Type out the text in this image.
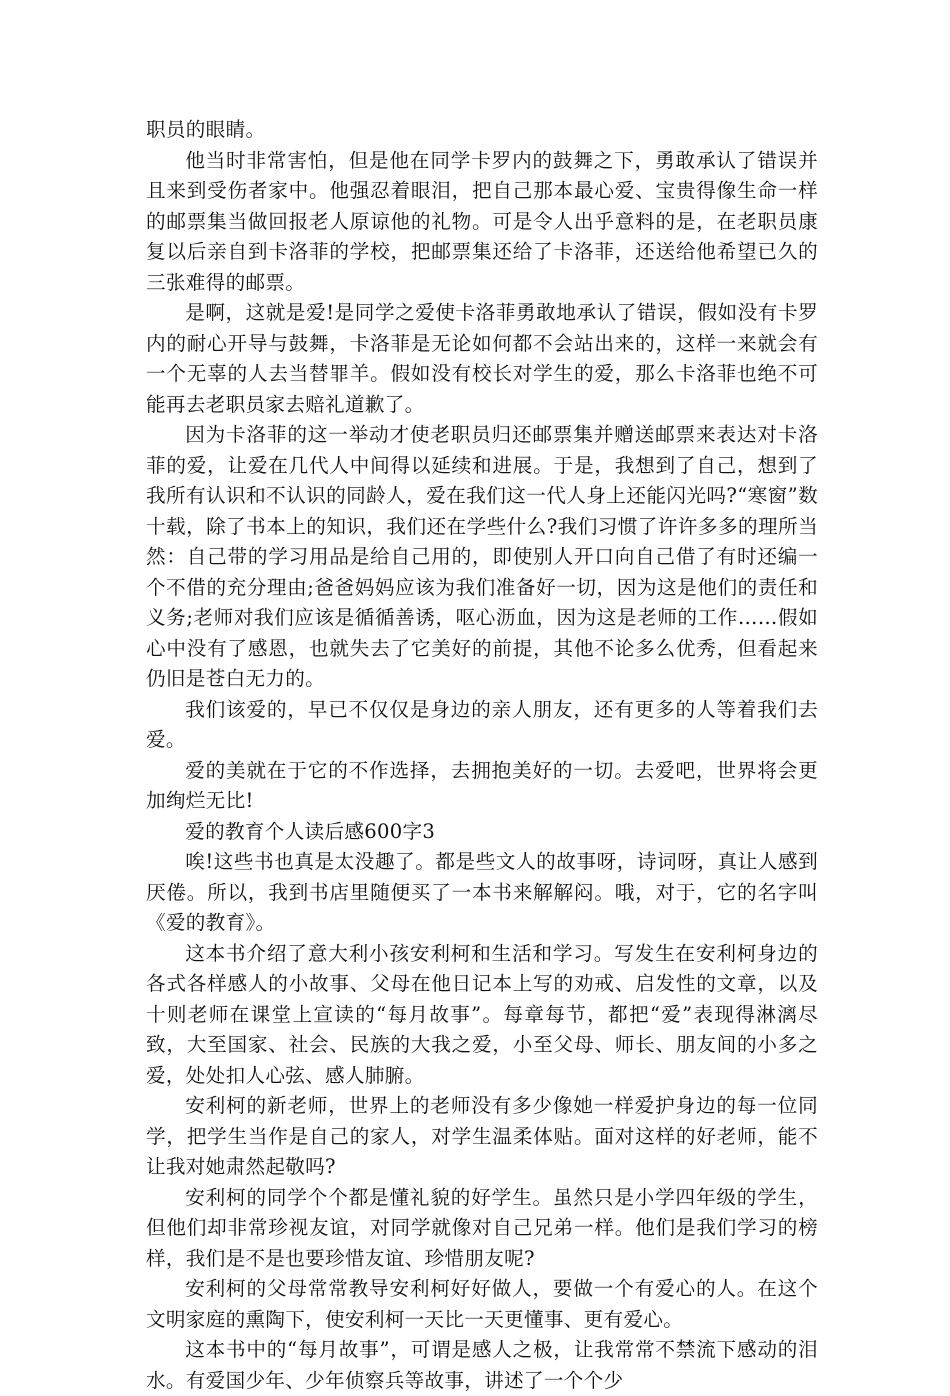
职员的眼睛。

他当时非常害怕，但是他在同学卡罗内的鼓舞之下，勇敢承认了错误并且来到受伤者家中。他强忍着眼泪，把自己那本最心爱、宝贵得像生命一样的邮票集当做回报老人原谅他的礼物。可是令人出乎意料的是，在老职员康复以后亲自到卡洛菲的学校，把邮票集还给了卡洛菲，还送给他希望已久的三张难得的邮票。

是啊，这就是爱!是同学之爱使卡洛菲勇敢地承认了错误，假如没有卡罗内的耐心开导与鼓舞，卡洛菲是无论如何都不会站出来的，这样一来就会有一个无辜的人去当替罪羊。假如没有校长对学生的爱，那么卡洛菲也绝不可能再去老职员家去赔礼道歉了。

因为卡洛菲的这一举动才使老职员归还邮票集并赠送邮票来表达对卡洛菲的爱，让爱在几代人中间得以延续和进展。于是，我想到了自己，想到了我所有认识和不认识的同龄人，爱在我们这一代人身上还能闪光吗?“寒窗”数十载，除了书本上的知识，我们还在学些什么?我们习惯了许许多多的理所当然：自己带的学习用品是给自己用的，即使别人开口向自己借了有时还编一个不借的充分理由;爸爸妈妈应该为我们准备好一切，因为这是他们的责任和义务;老师对我们应该是循循善诱，呕心沥血，因为这是老师的工作……假如心中没有了感恩，也就失去了它美好的前提，其他不论多么优秀，但看起来仍旧是苍白无力的。

我们该爱的，早已不仅仅是身边的亲人朋友，还有更多的人等着我们去爱。

爱的美就在于它的不作选择，去拥抱美好的一切。去爱吧，世界将会更加绚烂无比!

爱的教育个人读后感600字3

唉!这些书也真是太没趣了。都是些文人的故事呀，诗词呀，真让人感到厌倦。所以，我到书店里随便买了一本书来解解闷。哦，对于，它的名字叫《爱的教育》。

这本书介绍了意大利小孩安利柯和生活和学习。写发生在安利柯身边的各式各样感人的小故事、父母在他日记本上写的劝戒、启发性的文章，以及十则老师在课堂上宣读的“每月故事”。每章每节，都把“爱”表现得淋漓尽致，大至国家、社会、民族的大我之爱，小至父母、师长、朋友间的小多之爱，处处扣人心弦、感人肺腑。

安利柯的新老师，世界上的老师没有多少像她一样爱护身边的每一位同学，把学生当作是自己的家人，对学生温柔体贴。面对这样的好老师，能不让我对她肃然起敬吗?

安利柯的同学个个都是懂礼貌的好学生。虽然只是小学四年级的学生，但他们却非常珍视友谊，对同学就像对自己兄弟一样。他们是我们学习的榜样，我们是不是也要珍惜友谊、珍惜朋友呢?

安利柯的父母常常教导安利柯好好做人，要做一个有爱心的人。在这个文明家庭的熏陶下，使安利柯一天比一天更懂事、更有爱心。

这本书中的“每月故事”，可谓是感人之极，让我常常不禁流下感动的泪水。有爱国少年、少年侦察兵等故事，讲述了一个个少
